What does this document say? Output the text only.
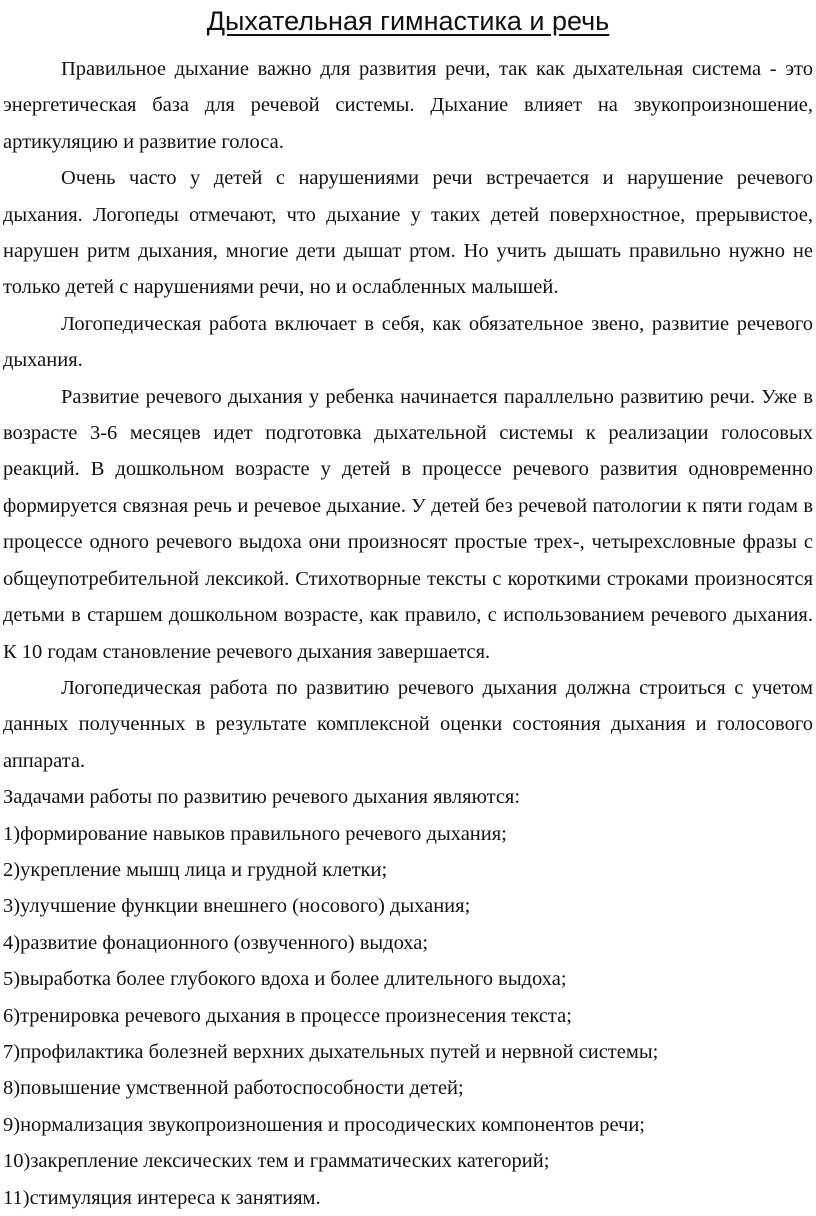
Дыхательная гимнастика и речь

Правильное дыхание важно для развития речи, так как дыхательная система - это энергетическая база для речевой системы. Дыхание влияет на звукопроизношение, артикуляцию и развитие голоса.

Очень часто у детей с нарушениями речи встречается и нарушение речевого дыхания. Логопеды отмечают, что дыхание у таких детей поверхностное, прерывистое, нарушен ритм дыхания, многие дети дышат ртом. Но учить дышать правильно нужно не только детей с нарушениями речи, но и ослабленных малышей.

Логопедическая работа включает в себя, как обязательное звено, развитие речевого дыхания.

Развитие речевого дыхания у ребенка начинается параллельно развитию речи. Уже в возрасте 3-6 месяцев идет подготовка дыхательной системы к реализации голосовых реакций. В дошкольном возрасте у детей в процессе речевого развития одновременно формируется связная речь и речевое дыхание. У детей без речевой патологии к пяти годам в процессе одного речевого выдоха они произносят простые трех-, четырехсловные фразы с общеупотребительной лексикой. Стихотворные тексты с короткими строками произносятся детьми в старшем дошкольном возрасте, как правило, с использованием речевого дыхания. К 10 годам становление речевого дыхания завершается.

Логопедическая работа по развитию речевого дыхания должна строиться с учетом данных полученных в результате комплексной оценки состояния дыхания и голосового аппарата.

Задачами работы по развитию речевого дыхания являются:

1)формирование навыков правильного речевого дыхания;
2)укрепление мышц лица и грудной клетки;
3)улучшение функции внешнего (носового) дыхания;
4)развитие фонационного (озвученного) выдоха;
5)выработка более глубокого вдоха и более длительного выдоха;
6)тренировка речевого дыхания в процессе произнесения текста;
7)профилактика болезней верхних дыхательных путей и нервной системы;
8)повышение умственной работоспособности детей;
9)нормализация звукопроизношения и просодических компонентов речи;
10)закрепление лексических тем и грамматических категорий;
11)стимуляция интереса к занятиям.
